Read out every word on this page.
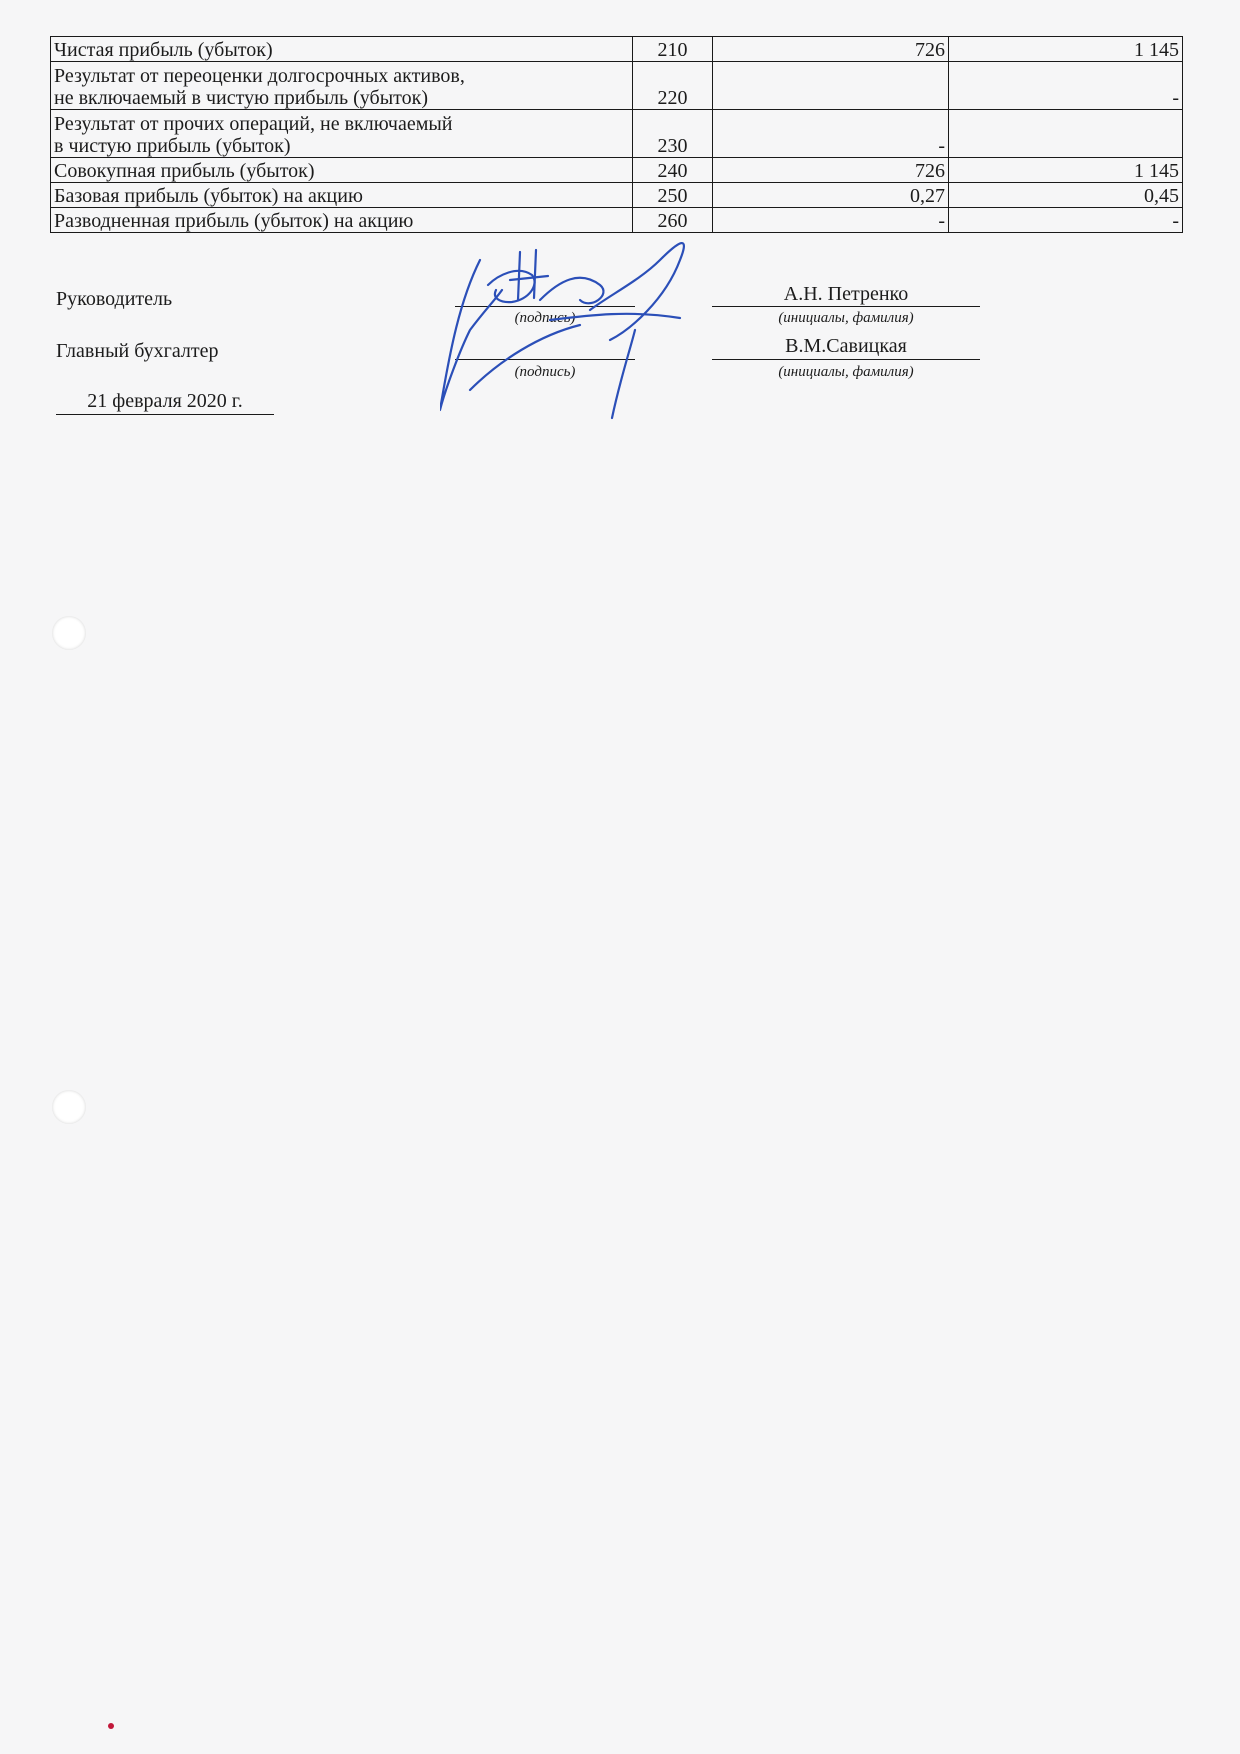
Чистая прибыль (убыток)	210	726	1 145
Результат от переоценки долгосрочных активов,
не включаемый в чистую прибыль (убыток)	220		-
Результат от прочих операций, не включаемый
в чистую прибыль (убыток)	230	-	
Совокупная прибыль (убыток)	240	726	1 145
Базовая прибыль (убыток) на акцию	250	0,27	0,45
Разводненная прибыль (убыток) на акцию	260	-	-
Руководитель
(подпись)
А.Н. Петренко
(инициалы, фамилия)
Главный бухгалтер
(подпись)
В.М.Савицкая
(инициалы, фамилия)
21 февраля 2020 г.
